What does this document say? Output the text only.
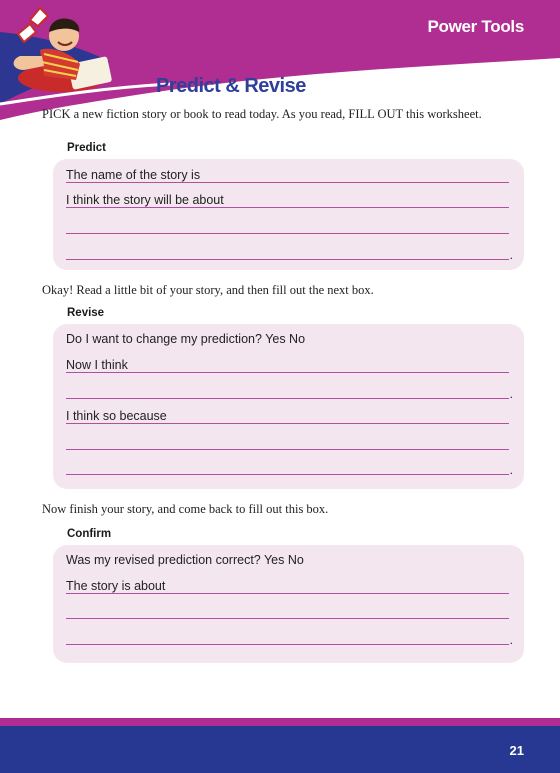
Power Tools
Predict & Revise
PICK a new fiction story or book to read today. As you read, FILL OUT this worksheet.
Predict
The name of the story is
I think the story will be about
.
Okay! Read a little bit of your story, and then fill out the next box.
Revise
Do I want to change my prediction? Yes No
Now I think
.
I think so because
.
Now finish your story, and come back to fill out this box.
Confirm
Was my revised prediction correct? Yes No
The story is about
.
21
